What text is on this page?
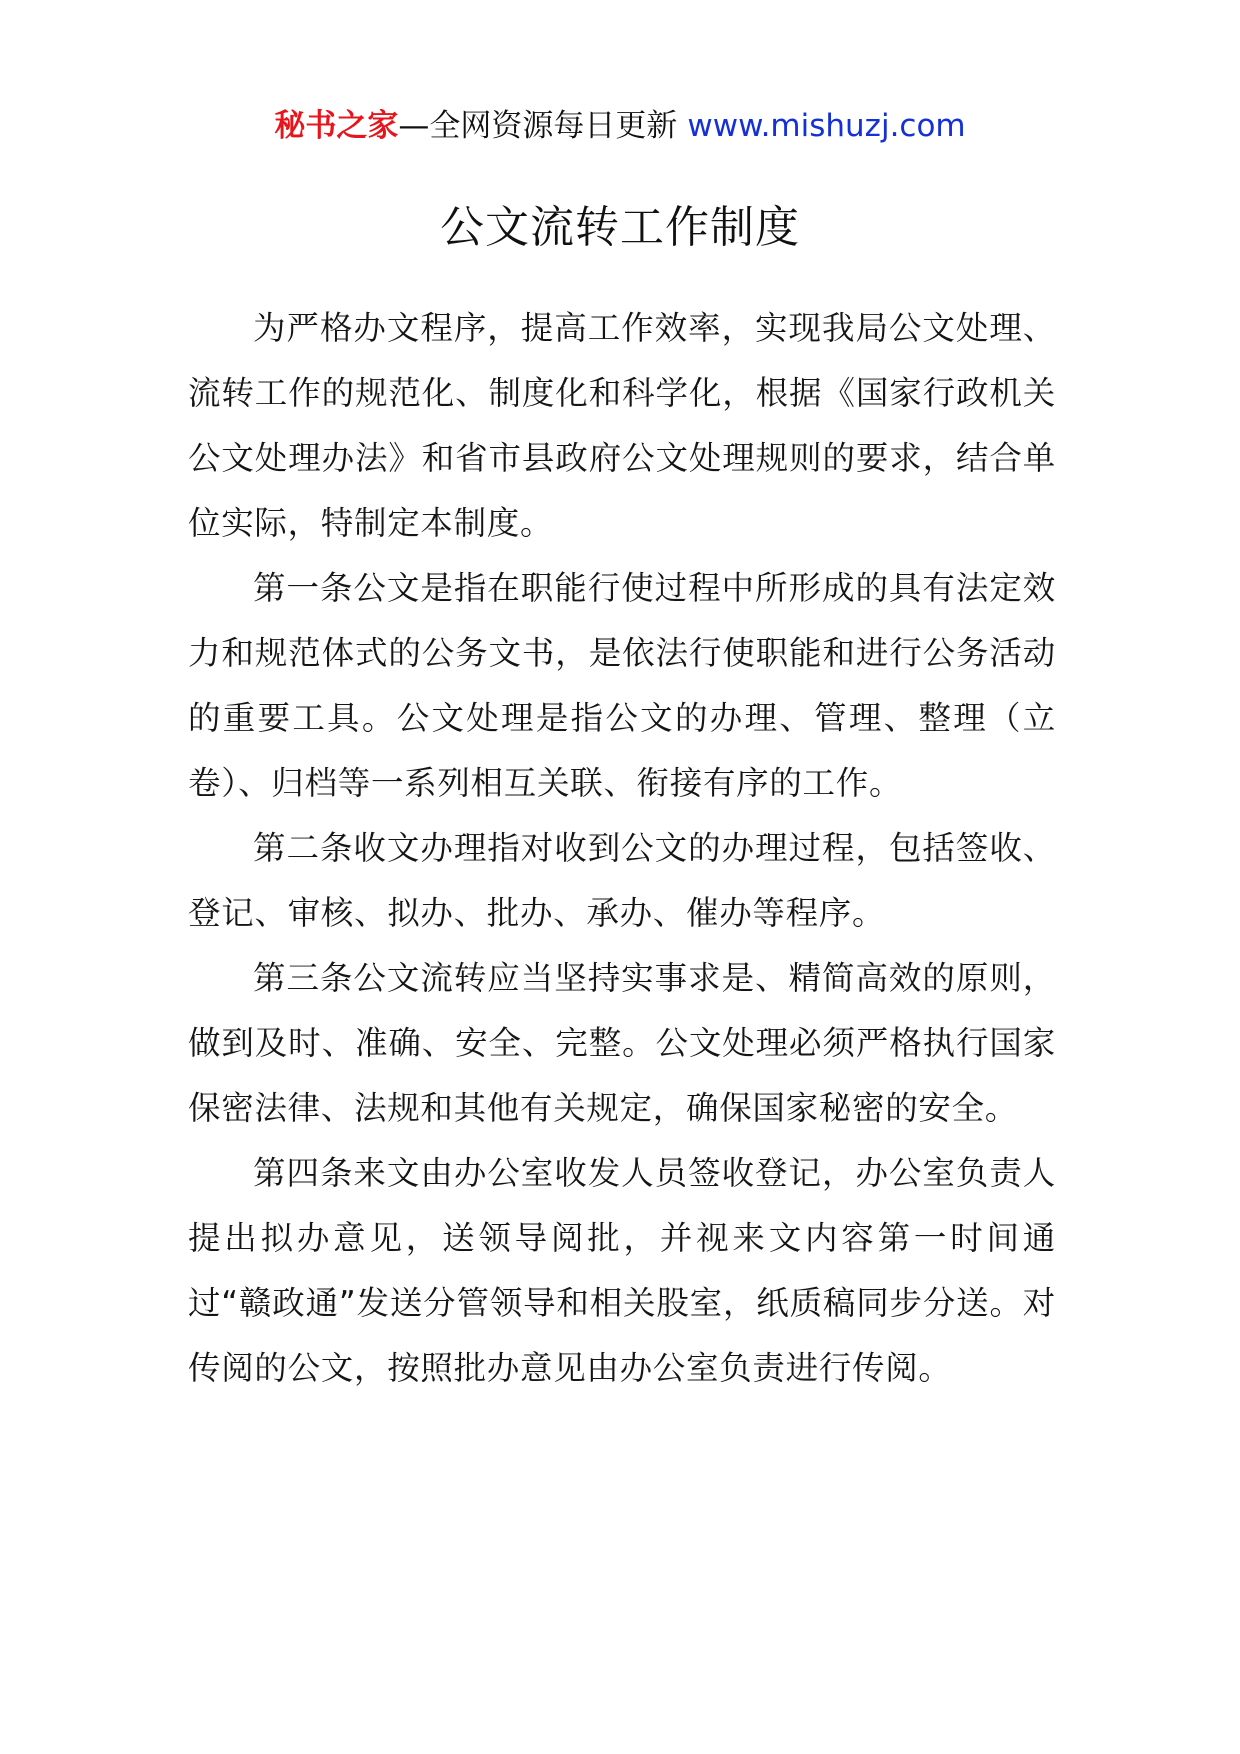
秘书之家—全网资源每日更新 www.mishuzj.com
公文流转工作制度

为严格办文程序，提高工作效率，实现我局公文处理、流转工作的规范化、制度化和科学化，根据《国家行政机关公文处理办法》和省市县政府公文处理规则的要求，结合单位实际，特制定本制度。

第一条公文是指在职能行使过程中所形成的具有法定效力和规范体式的公务文书，是依法行使职能和进行公务活动的重要工具。公文处理是指公文的办理、管理、整理（立卷）、归档等一系列相互关联、衔接有序的工作。

第二条收文办理指对收到公文的办理过程，包括签收、登记、审核、拟办、批办、承办、催办等程序。

第三条公文流转应当坚持实事求是、精简高效的原则，做到及时、准确、安全、完整。公文处理必须严格执行国家保密法律、法规和其他有关规定，确保国家秘密的安全。

第四条来文由办公室收发人员签收登记，办公室负责人提出拟办意见，送领导阅批，并视来文内容第一时间通过“赣政通”发送分管领导和相关股室，纸质稿同步分送。对传阅的公文，按照批办意见由办公室负责进行传阅。
